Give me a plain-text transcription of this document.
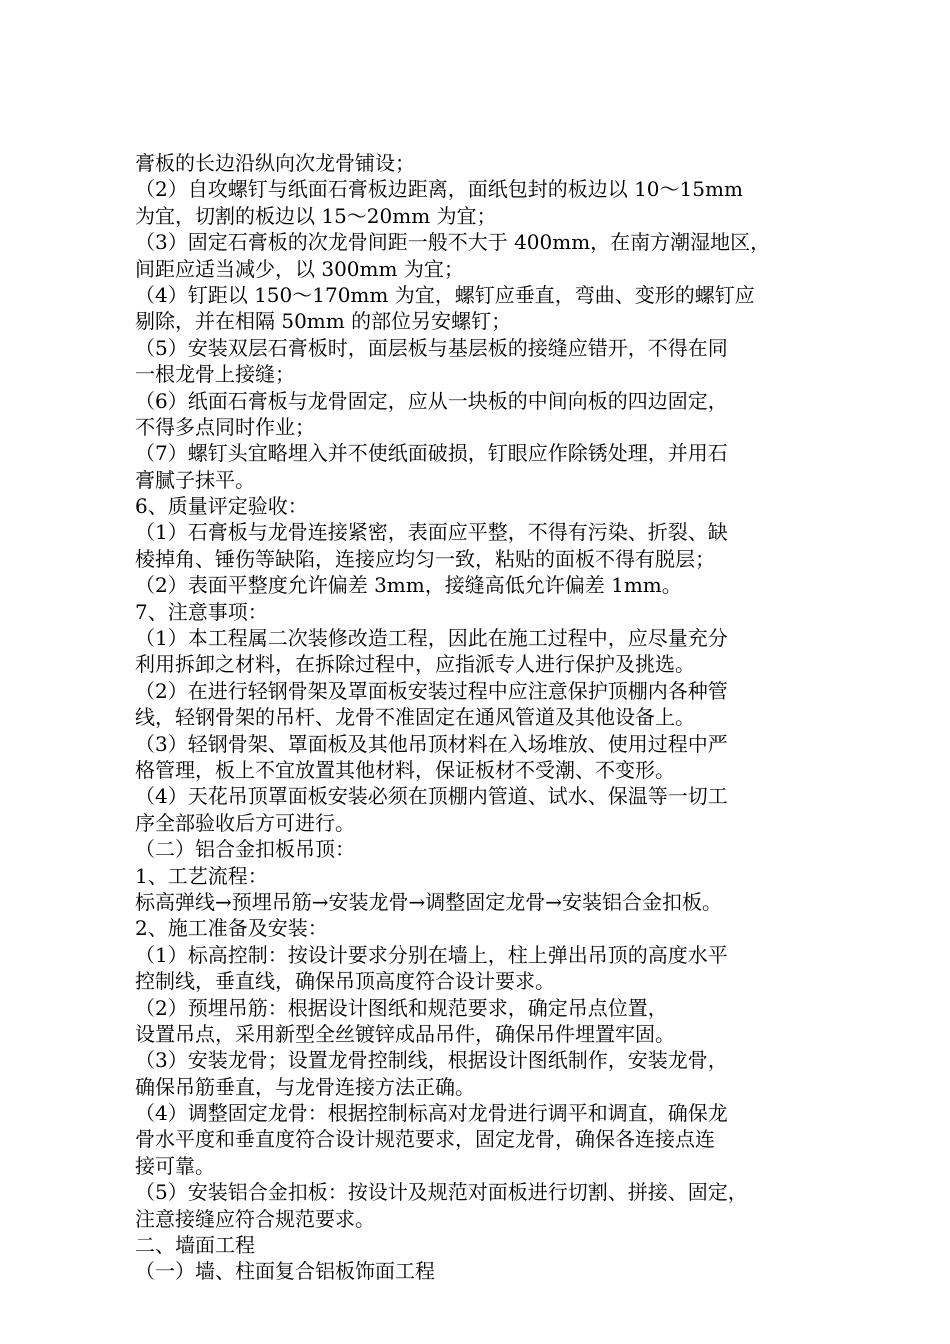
膏板的长边沿纵向次龙骨铺设；
（2）自攻螺钉与纸面石膏板边距离，面纸包封的板边以 10～15mm
为宜，切割的板边以 15～20mm 为宜；
（3）固定石膏板的次龙骨间距一般不大于 400mm，在南方潮湿地区，
间距应适当减少，以 300mm 为宜；
（4）钉距以 150～170mm 为宜，螺钉应垂直，弯曲、变形的螺钉应
剔除，并在相隔 50mm 的部位另安螺钉；
（5）安装双层石膏板时，面层板与基层板的接缝应错开，不得在同
一根龙骨上接缝；
（6）纸面石膏板与龙骨固定，应从一块板的中间向板的四边固定，
不得多点同时作业；
（7）螺钉头宜略埋入并不使纸面破损，钉眼应作除锈处理，并用石
膏腻子抹平。
6、质量评定验收：
（1）石膏板与龙骨连接紧密，表面应平整，不得有污染、折裂、缺
棱掉角、锤伤等缺陷，连接应均匀一致，粘贴的面板不得有脱层；
（2）表面平整度允许偏差 3mm，接缝高低允许偏差 1mm。
7、注意事项：
（1）本工程属二次装修改造工程，因此在施工过程中，应尽量充分
利用拆卸之材料，在拆除过程中，应指派专人进行保护及挑选。
（2）在进行轻钢骨架及罩面板安装过程中应注意保护顶棚内各种管
线，轻钢骨架的吊杆、龙骨不准固定在通风管道及其他设备上。
（3）轻钢骨架、罩面板及其他吊顶材料在入场堆放、使用过程中严
格管理，板上不宜放置其他材料，保证板材不受潮、不变形。
（4）天花吊顶罩面板安装必须在顶棚内管道、试水、保温等一切工
序全部验收后方可进行。
（二）铝合金扣板吊顶：
1、工艺流程：
标高弹线→预埋吊筋→安装龙骨→调整固定龙骨→安装铝合金扣板。
2、施工准备及安装：
（1）标高控制：按设计要求分别在墙上，柱上弹出吊顶的高度水平
控制线，垂直线，确保吊顶高度符合设计要求。
（2）预埋吊筋：根据设计图纸和规范要求，确定吊点位置，
设置吊点，采用新型全丝镀锌成品吊件，确保吊件埋置牢固。
（3）安装龙骨；设置龙骨控制线，根据设计图纸制作，安装龙骨，
确保吊筋垂直，与龙骨连接方法正确。
（4）调整固定龙骨：根据控制标高对龙骨进行调平和调直，确保龙
骨水平度和垂直度符合设计规范要求，固定龙骨，确保各连接点连
接可靠。
（5）安装铝合金扣板：按设计及规范对面板进行切割、拼接、固定，
注意接缝应符合规范要求。
二、墙面工程
（一）墙、柱面复合铝板饰面工程
